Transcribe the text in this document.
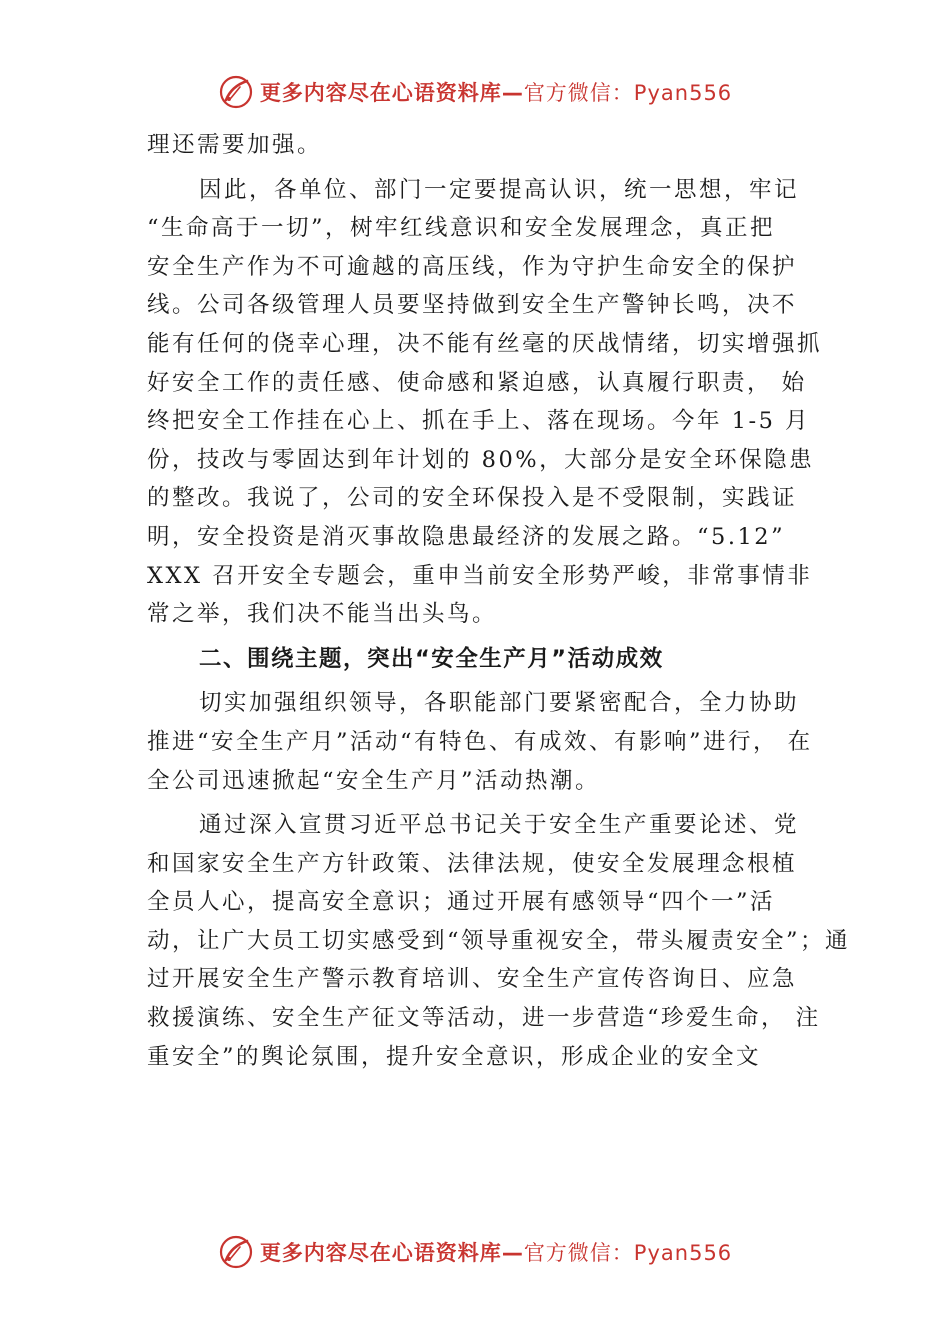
更多内容尽在心语资料库—官方微信：Pyan556
理还需要加强。
因此，各单位、部门一定要提高认识，统一思想，牢记
“生命高于一切”，树牢红线意识和安全发展理念，真正把
安全生产作为不可逾越的高压线，作为守护生命安全的保护
线。公司各级管理人员要坚持做到安全生产警钟长鸣，决不
能有任何的侥幸心理，决不能有丝毫的厌战情绪，切实增强抓
好安全工作的责任感、使命感和紧迫感，认真履行职责， 始
终把安全工作挂在心上、抓在手上、落在现场。今年 1-5 月
份，技改与零固达到年计划的 80%，大部分是安全环保隐患
的整改。我说了，公司的安全环保投入是不受限制，实践证
明，安全投资是消灭事故隐患最经济的发展之路。“5.12”
XXX 召开安全专题会，重申当前安全形势严峻，非常事情非
常之举，我们决不能当出头鸟。
二、围绕主题，突出“安全生产月”活动成效
切实加强组织领导，各职能部门要紧密配合，全力协助
推进“安全生产月”活动“有特色、有成效、有影响”进行， 在
全公司迅速掀起“安全生产月”活动热潮。
通过深入宣贯习近平总书记关于安全生产重要论述、党
和国家安全生产方针政策、法律法规，使安全发展理念根植
全员人心，提高安全意识；通过开展有感领导“四个一”活
动，让广大员工切实感受到“领导重视安全，带头履责安全”；通
过开展安全生产警示教育培训、安全生产宣传咨询日、应急
救援演练、安全生产征文等活动，进一步营造“珍爱生命， 注
重安全”的舆论氛围，提升安全意识，形成企业的安全文
更多内容尽在心语资料库—官方微信：Pyan556
